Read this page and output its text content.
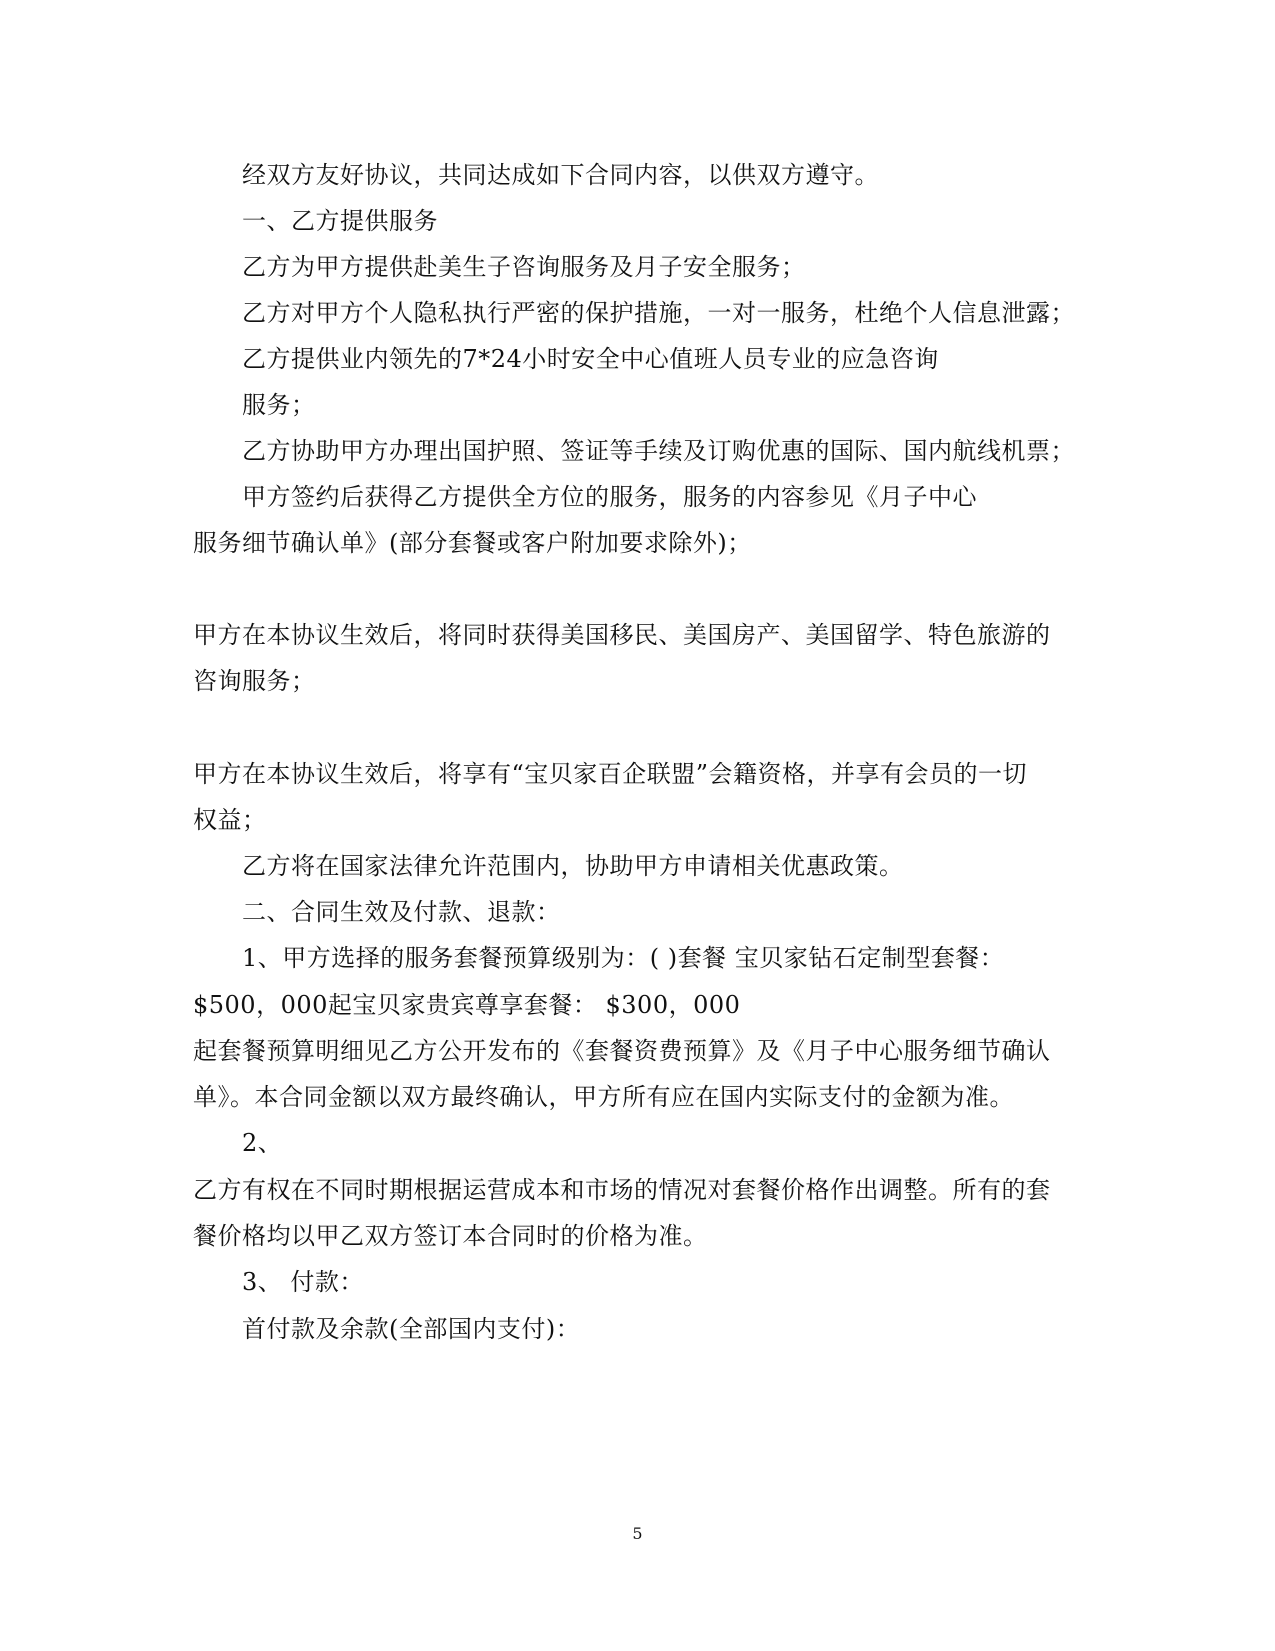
经双方友好协议，共同达成如下合同内容，以供双方遵守。
一、乙方提供服务
乙方为甲方提供赴美生子咨询服务及月子安全服务；
乙方对甲方个人隐私执行严密的保护措施，一对一服务，杜绝个人信息泄露；
乙方提供业内领先的7*24小时安全中心值班人员专业的应急咨询
服务；
乙方协助甲方办理出国护照、签证等手续及订购优惠的国际、国内航线机票；
甲方签约后获得乙方提供全方位的服务，服务的内容参见《月子中心
服务细节确认单》(部分套餐或客户附加要求除外)；
甲方在本协议生效后，将同时获得美国移民、美国房产、美国留学、特色旅游的
咨询服务；
甲方在本协议生效后，将享有“宝贝家百企联盟”会籍资格，并享有会员的一切
权益；
乙方将在国家法律允许范围内，协助甲方申请相关优惠政策。
二、合同生效及付款、退款：
1、甲方选择的服务套餐预算级别为：( )套餐 宝贝家钻石定制型套餐：
$500，000起宝贝家贵宾尊享套餐： $300，000
起套餐预算明细见乙方公开发布的《套餐资费预算》及《月子中心服务细节确认
单》。本合同金额以双方最终确认，甲方所有应在国内实际支付的金额为准。
2、
乙方有权在不同时期根据运营成本和市场的情况对套餐价格作出调整。所有的套
餐价格均以甲乙双方签订本合同时的价格为准。
3、 付款：
首付款及余款(全部国内支付)：
5
